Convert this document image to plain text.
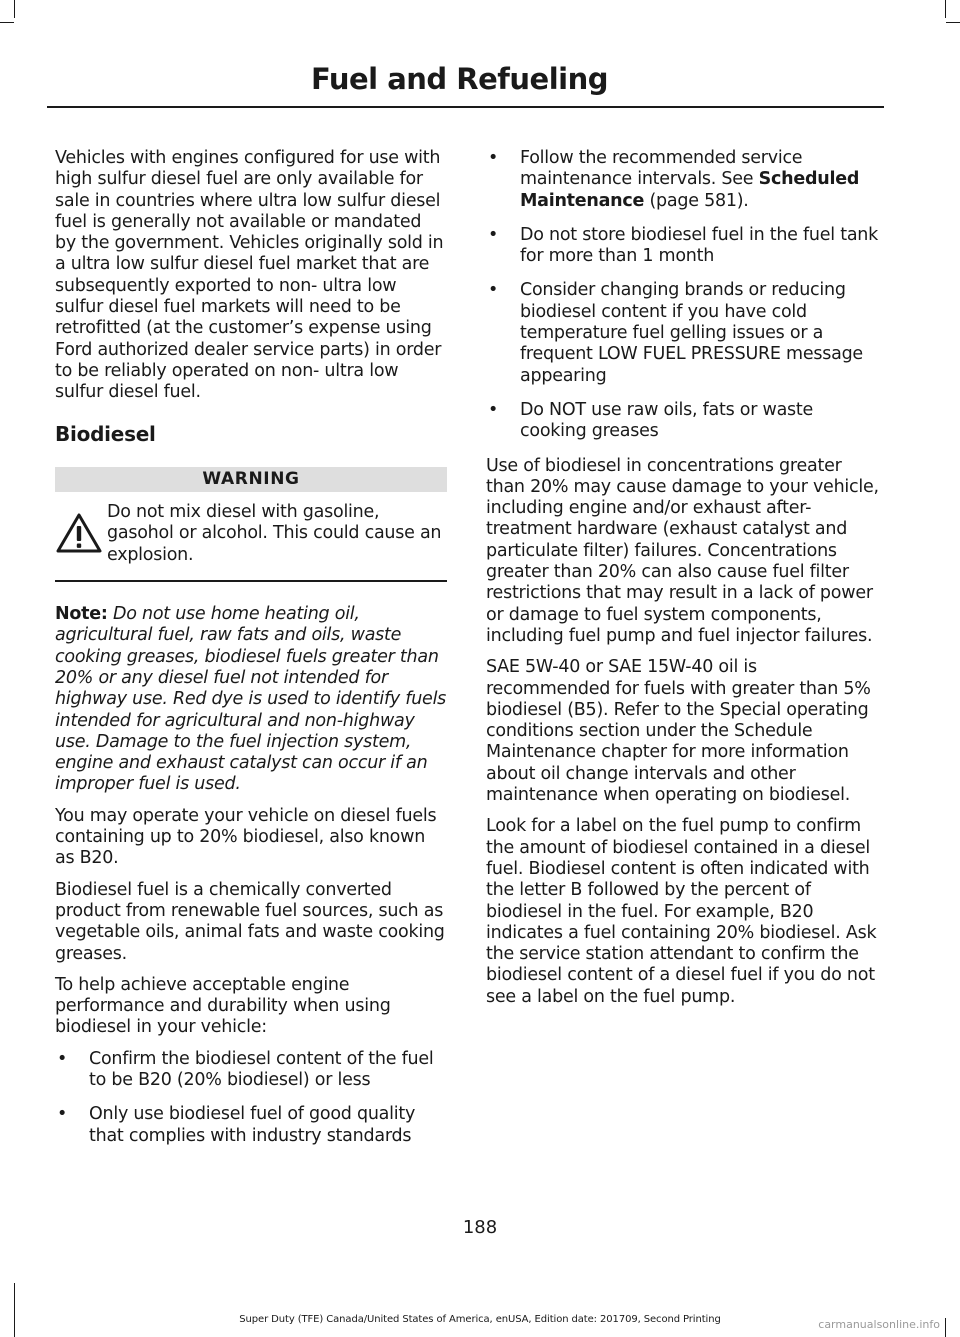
Fuel and Refueling

Vehicles with engines configured for use with high sulfur diesel fuel are only available for sale in countries where ultra low sulfur diesel fuel is generally not available or mandated by the government. Vehicles originally sold in a ultra low sulfur diesel fuel market that are subsequently exported to non- ultra low sulfur diesel fuel markets will need to be retrofitted (at the customer’s expense using Ford authorized dealer service parts) in order to be reliably operated on non- ultra low sulfur diesel fuel.

Biodiesel
WARNING
Do not mix diesel with gasoline, gasohol or alcohol. This could cause an explosion.

Note: Do not use home heating oil, agricultural fuel, raw fats and oils, waste cooking greases, biodiesel fuels greater than 20% or any diesel fuel not intended for highway use. Red dye is used to identify fuels intended for agricultural and non-highway use. Damage to the fuel injection system, engine and exhaust catalyst can occur if an improper fuel is used.

You may operate your vehicle on diesel fuels containing up to 20% biodiesel, also known as B20.

Biodiesel fuel is a chemically converted product from renewable fuel sources, such as vegetable oils, animal fats and waste cooking greases.

To help achieve acceptable engine performance and durability when using biodiesel in your vehicle:

• Confirm the biodiesel content of the fuel to be B20 (20% biodiesel) or less
• Only use biodiesel fuel of good quality that complies with industry standards
• Follow the recommended service maintenance intervals. See Scheduled Maintenance (page 581).
• Do not store biodiesel fuel in the fuel tank for more than 1 month
• Consider changing brands or reducing biodiesel content if you have cold temperature fuel gelling issues or a frequent LOW FUEL PRESSURE message appearing
• Do NOT use raw oils, fats or waste cooking greases

Use of biodiesel in concentrations greater than 20% may cause damage to your vehicle, including engine and/or exhaust after-treatment hardware (exhaust catalyst and particulate filter) failures. Concentrations greater than 20% can also cause fuel filter restrictions that may result in a lack of power or damage to fuel system components, including fuel pump and fuel injector failures.

SAE 5W-40 or SAE 15W-40 oil is recommended for fuels with greater than 5% biodiesel (B5). Refer to the Special operating conditions section under the Schedule Maintenance chapter for more information about oil change intervals and other maintenance when operating on biodiesel.

Look for a label on the fuel pump to confirm the amount of biodiesel contained in a diesel fuel. Biodiesel content is often indicated with the letter B followed by the percent of biodiesel in the fuel. For example, B20 indicates a fuel containing 20% biodiesel. Ask the service station attendant to confirm the biodiesel content of a diesel fuel if you do not see a label on the fuel pump.

188
Super Duty (TFE) Canada/United States of America, enUSA, Edition date: 201709, Second Printing	carmanualsonline.info
